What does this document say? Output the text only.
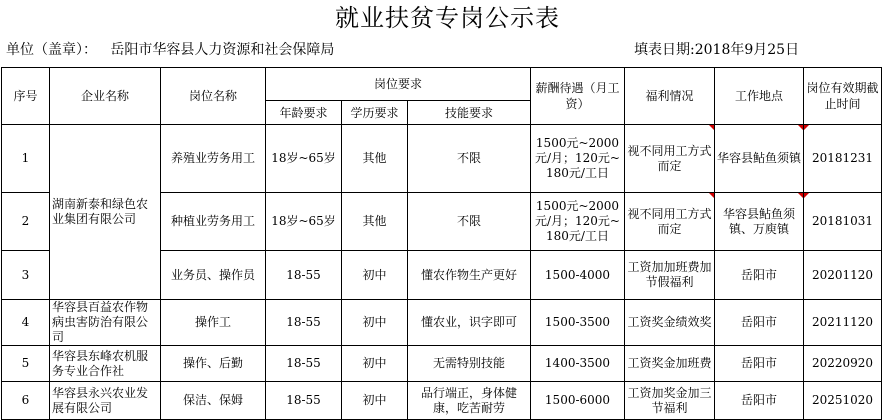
就业扶贫专岗公示表
单位（盖章）： 岳阳市华容县人力资源和社会保障局	填表日期:2018年9月25日
序号	企业名称	岗位名称	岗位要求			薪酬待遇（月工资）	福利情况	工作地点	岗位有效期截止时间
			年龄要求	学历要求	技能要求				
1	湖南新泰和绿色农业集团有限公司	养殖业劳务用工	18岁~65岁	其他	不限	1500元~2000元/月；120元~180元/工日	视不同用工方式而定	华容县鲇鱼须镇	20181231
2		种植业劳务用工	18岁~65岁	其他	不限	1500元~2000元/月；120元~180元/工日	视不同用工方式而定	华容县鲇鱼须镇、万庾镇	20181031
3		业务员、操作员	18-55	初中	懂农作物生产更好	1500-4000	工资加加班费加节假福利	岳阳市	20201120
4	华容县百益农作物病虫害防治有限公司	操作工	18-55	初中	懂农业，识字即可	1500-3500	工资奖金绩效奖	岳阳市	20211120
5	华容县东峰农机服务专业合作社	操作、后勤	18-55	初中	无需特别技能	1400-3500	工资奖金加班费	岳阳市	20220920
6	华容县永兴农业发展有限公司	保洁、保姆	18-55	初中	品行端正，身体健康，吃苦耐劳	1500-6000	工资加奖金加三节福利	岳阳市	20251020
